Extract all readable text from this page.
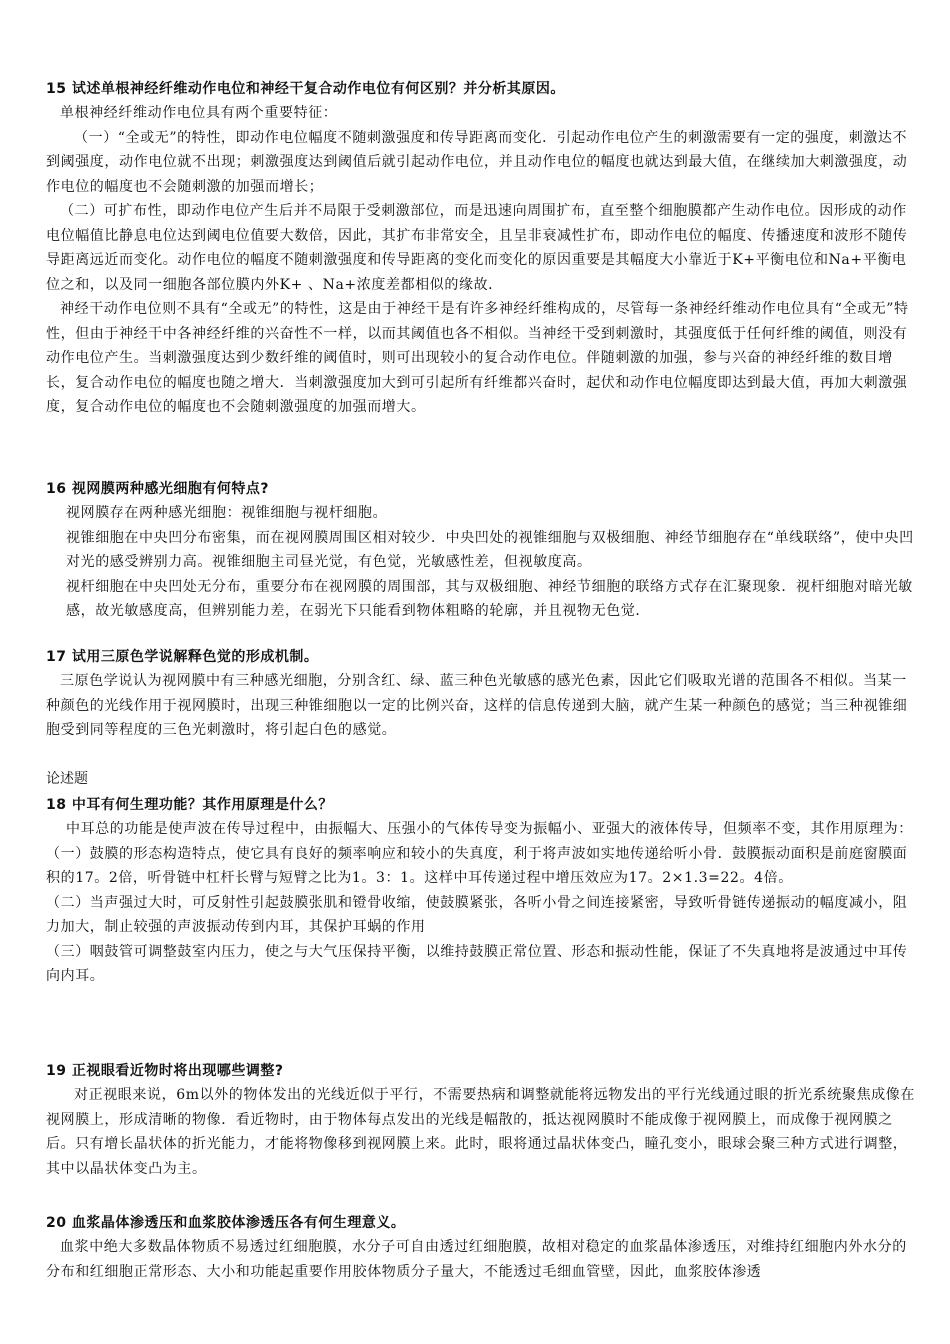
15 试述单根神经纤维动作电位和神经干复合动作电位有何区别？并分析其原因。

单根神经纤维动作电位具有两个重要特征：

（一）“全或无”的特性，即动作电位幅度不随刺激强度和传导距离而变化．引起动作电位产生的刺激需要有一定的强度，刺激达不到阈强度，动作电位就不出现；刺激强度达到阈值后就引起动作电位，并且动作电位的幅度也就达到最大值，在继续加大刺激强度，动作电位的幅度也不会随刺激的加强而增长；

（二）可扩布性，即动作电位产生后并不局限于受刺激部位，而是迅速向周围扩布，直至整个细胞膜都产生动作电位。因形成的动作电位幅值比静息电位达到阈电位值要大数倍，因此，其扩布非常安全，且呈非衰减性扩布，即动作电位的幅度、传播速度和波形不随传导距离远近而变化。动作电位的幅度不随刺激强度和传导距离的变化而变化的原因重要是其幅度大小靠近于K+平衡电位和Na+平衡电位之和，以及同一细胞各部位膜内外K+ 、Na+浓度差都相似的缘故．

神经干动作电位则不具有“全或无”的特性，这是由于神经干是有许多神经纤维构成的，尽管每一条神经纤维动作电位具有“全或无”特性，但由于神经干中各神经纤维的兴奋性不一样，以而其阈值也各不相似。当神经干受到刺激时，其强度低于任何纤维的阈值，则没有动作电位产生。当刺激强度达到少数纤维的阈值时，则可出现较小的复合动作电位。伴随刺激的加强，参与兴奋的神经纤维的数目增长，复合动作电位的幅度也随之增大．当刺激强度加大到可引起所有纤维都兴奋时，起伏和动作电位幅度即达到最大值，再加大刺激强度，复合动作电位的幅度也不会随刺激强度的加强而增大。

16 视网膜两种感光细胞有何特点?

视网膜存在两种感光细胞：视锥细胞与视杆细胞。

视锥细胞在中央凹分布密集，而在视网膜周围区相对较少．中央凹处的视锥细胞与双极细胞、神经节细胞存在“单线联络”，使中央凹对光的感受辨别力高。视锥细胞主司昼光觉，有色觉，光敏感性差，但视敏度高。

视杆细胞在中央凹处无分布，重要分布在视网膜的周围部，其与双极细胞、神经节细胞的联络方式存在汇聚现象．视杆细胞对暗光敏感，故光敏感度高，但辨别能力差，在弱光下只能看到物体粗略的轮廓，并且视物无色觉．

17 试用三原色学说解释色觉的形成机制。

三原色学说认为视网膜中有三种感光细胞，分别含红、绿、蓝三种色光敏感的感光色素，因此它们吸取光谱的范围各不相似。当某一种颜色的光线作用于视网膜时，出现三种锥细胞以一定的比例兴奋，这样的信息传递到大脑，就产生某一种颜色的感觉；当三种视锥细胞受到同等程度的三色光刺激时，将引起白色的感觉。

论述题
18 中耳有何生理功能？其作用原理是什么？

中耳总的功能是使声波在传导过程中，由振幅大、压强小的气体传导变为振幅小、亚强大的液体传导，但频率不变，其作用原理为：

（一）鼓膜的形态构造特点，使它具有良好的频率响应和较小的失真度，利于将声波如实地传递给听小骨．鼓膜振动面积是前庭窗膜面积的17。2倍，听骨链中杠杆长臂与短臂之比为1。3：1。这样中耳传递过程中增压效应为17。2×1.3=22。4倍。

（二）当声强过大时，可反射性引起鼓膜张肌和镫骨收缩，使鼓膜紧张，各听小骨之间连接紧密，导致听骨链传递振动的幅度减小，阻力加大，制止较强的声波振动传到内耳，其保护耳蜗的作用

（三）咽鼓管可调整鼓室内压力，使之与大气压保持平衡，以维持鼓膜正常位置、形态和振动性能，保证了不失真地将是波通过中耳传向内耳。

19 正视眼看近物时将出现哪些调整?

对正视眼来说，6m以外的物体发出的光线近似于平行，不需要热病和调整就能将远物发出的平行光线通过眼的折光系统聚焦成像在视网膜上，形成清晰的物像．看近物时，由于物体每点发出的光线是幅散的，抵达视网膜时不能成像于视网膜上，而成像于视网膜之后。只有增长晶状体的折光能力，才能将物像移到视网膜上来。此时，眼将通过晶状体变凸，瞳孔变小，眼球会聚三种方式进行调整，其中以晶状体变凸为主。

20 血浆晶体渗透压和血浆胶体渗透压各有何生理意义。

血浆中绝大多数晶体物质不易透过红细胞膜，水分子可自由透过红细胞膜，故相对稳定的血浆晶体渗透压，对维持红细胞内外水分的分布和红细胞正常形态、大小和功能起重要作用胶体物质分子量大，不能透过毛细血管壁，因此，血浆胶体渗透
